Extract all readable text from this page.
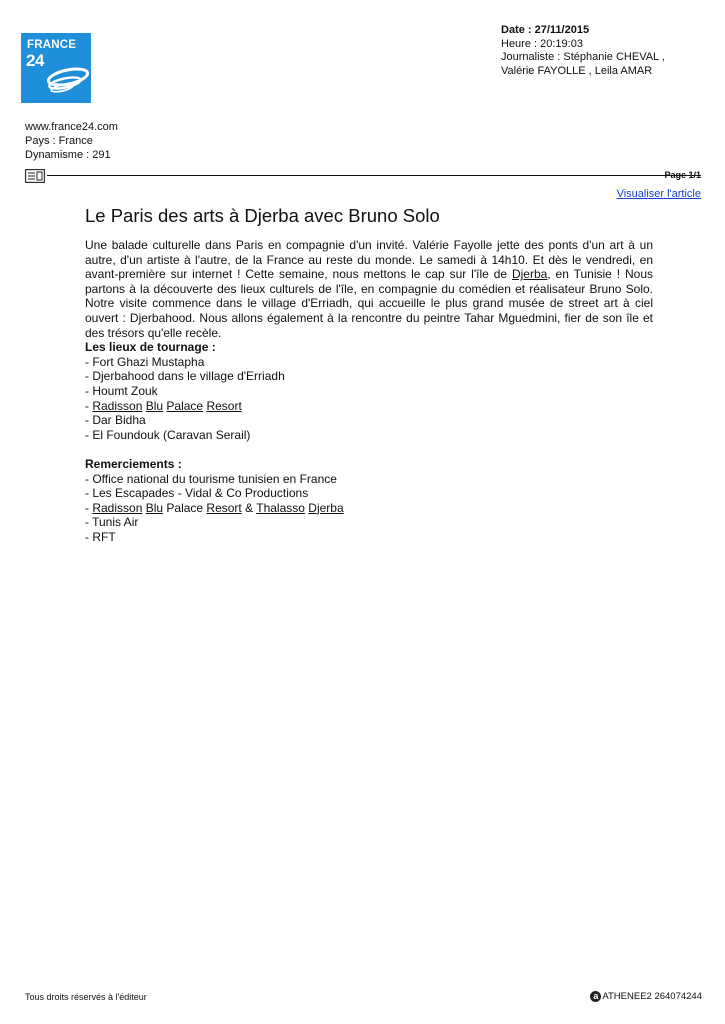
FRANCE
24
Date : 27/11/2015
Heure : 20:19:03
Journaliste : Stéphanie CHEVAL ,
Valérie FAYOLLE , Leila AMAR
www.france24.com
Pays : France
Dynamisme : 291
Page 1/1
Visualiser l'article
Le Paris des arts à Djerba avec Bruno Solo

Une balade culturelle dans Paris en compagnie d'un invité. Valérie Fayolle jette des ponts d'un art à un autre, d'un artiste à l'autre, de la France au reste du monde. Le samedi à 14h10. Et dès le vendredi, en avant-première sur internet ! Cette semaine, nous mettons le cap sur l'île de Djerba, en Tunisie ! Nous partons à la découverte des lieux culturels de l'île, en compagnie du comédien et réalisateur Bruno Solo. Notre visite commence dans le village d'Erriadh, qui accueille le plus grand musée de street art à ciel ouvert : Djerbahood. Nous allons également à la rencontre du peintre Tahar Mguedmini, fier de son île et des trésors qu'elle recèle.

Les lieux de tournage :

- Fort Ghazi Mustapha
- Djerbahood dans le village d'Erriadh
- Houmt Zouk
- Radisson Blu Palace Resort
- Dar Bidha
- El Foundouk (Caravan Serail)

Remerciements :

- Office national du tourisme tunisien en France
- Les Escapades - Vidal & Co Productions
- Radisson Blu Palace Resort & Thalasso Djerba
- Tunis Air
- RFT
Tous droits réservés à l'éditeur	a ATHENEE2 264074244
